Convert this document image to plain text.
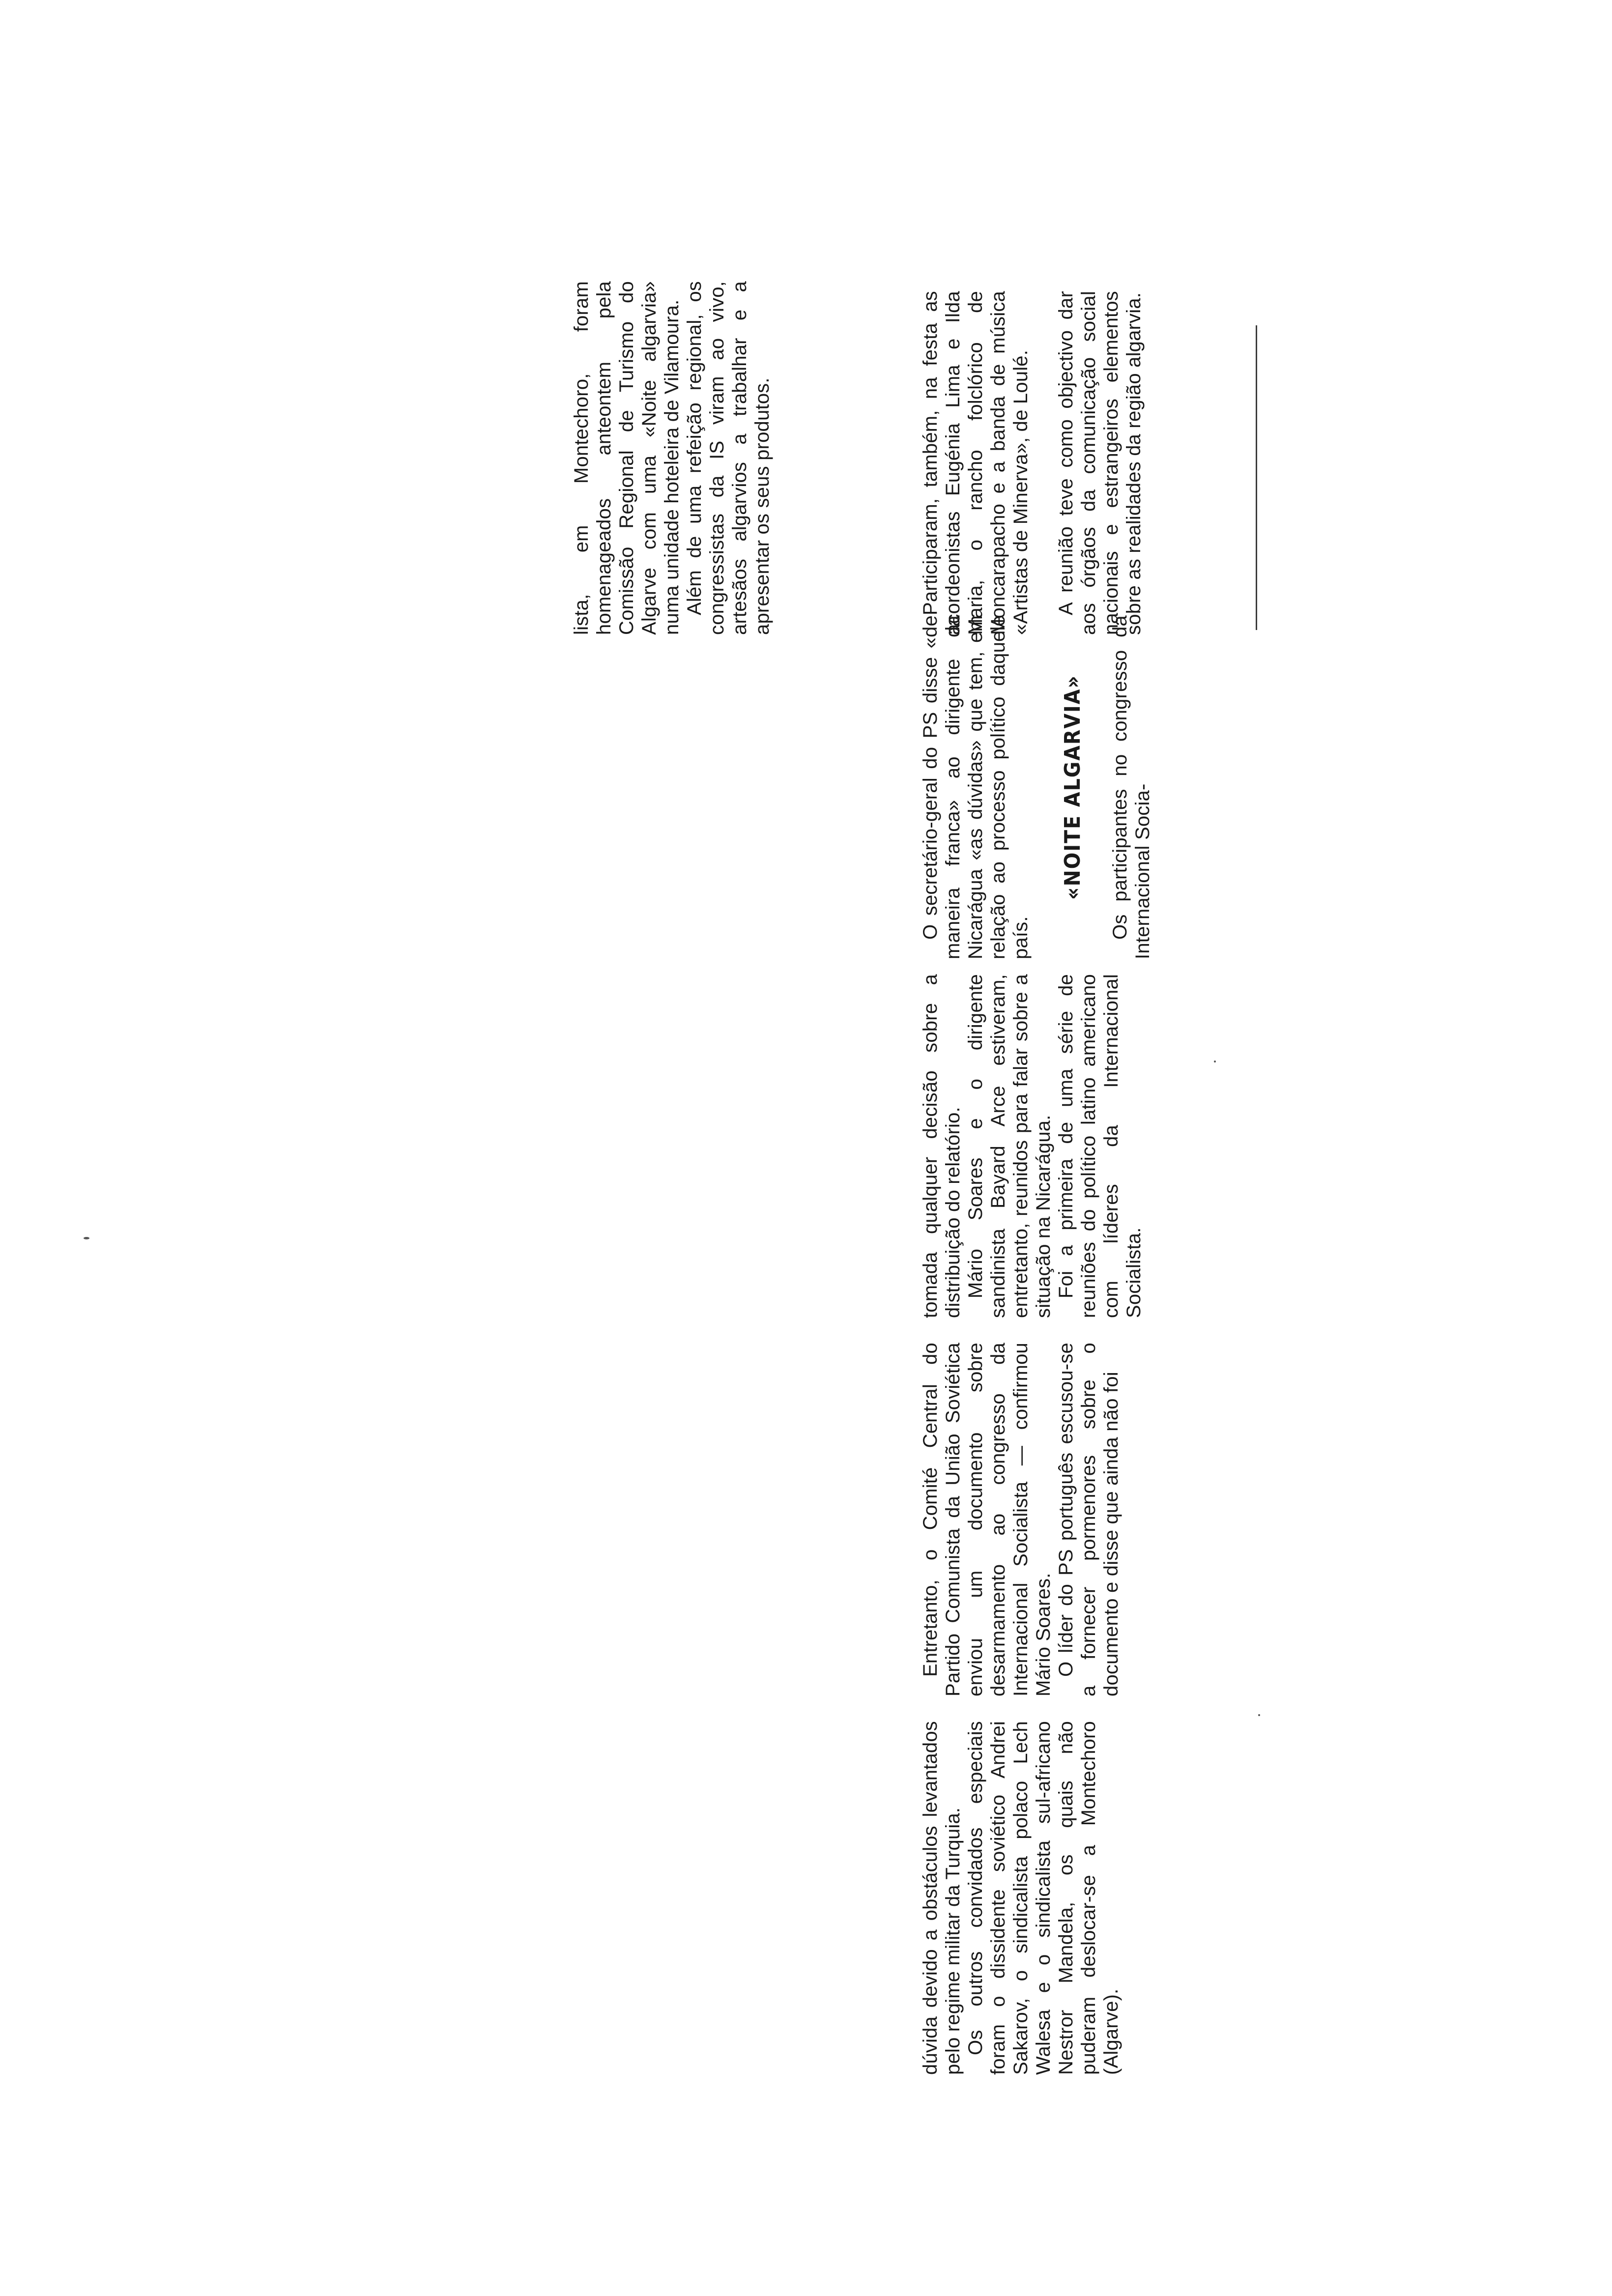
dúvida devido a obstáculos levantados pelo regime militar da Turquia. Os outros convidados especiais foram o dissidente soviético Andrei Sakarov, o sindicalista polaco Lech Walesa e o sindicalista sul-africano Nestror Mandela, os quais não puderam deslocar-se a Montechoro (Algarve).

Entretanto, o Comité Central do Partido Comunista da União Soviética enviou um documento sobre desarmamento ao congresso da Internacional Socialista — confirmou Mário Soares. O líder do PS português escusou-se a fornecer pormenores sobre o documento e disse que ainda não foi

tomada qualquer decisão sobre a distribuição do relatório. Mário Soares e o dirigente sandinista Bayard Arce estiveram, entretanto, reunidos para falar sobre a situação na Nicarágua. Foi a primeira de uma série de reuniões do político latino americano com líderes da Internacional Socialista.

O secretário-geral do PS disse «de maneira franca» ao dirigente da Nicarágua «as dúvidas» que tem, em relação ao processo político daquele país.

«NOITE ALGARVIA» Os participantes no congresso da Internacional Socia-

lista, em Montechoro, foram homenageados anteontem pela Comissão Regional de Turismo do Algarve com uma «Noite algarvia» numa unidade hoteleira de Vilamoura. Além de uma refeição regional, os congressistas da IS viram ao vivo, artesãos algarvios a trabalhar e a apresentar os seus produtos.	Participaram, também, na festa as acordeonistas Eugénia Lima e Ilda Maria, o rancho folclórico de Moncarapacho e a banda de música «Artistas de Minerva», de Loulé. A reunião teve como objectivo dar aos órgãos da comunicação social nacionais e estrangeiros elementos sobre as realidades da região algarvia.
